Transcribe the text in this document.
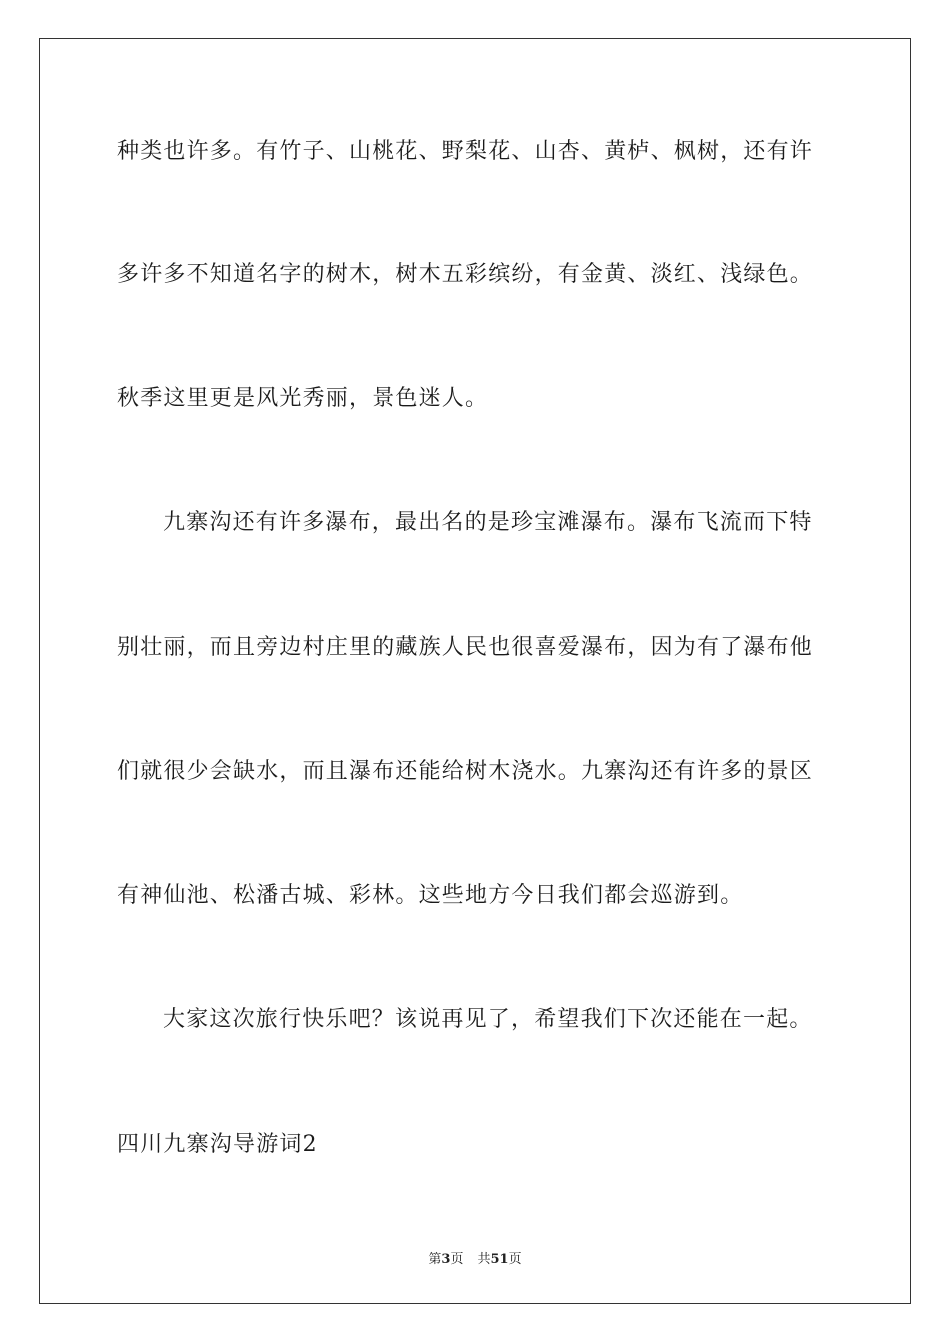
种类也许多。有竹子、山桃花、野梨花、山杏、黄栌、枫树，还有许
多许多不知道名字的树木，树木五彩缤纷，有金黄、淡红、浅绿色。
秋季这里更是风光秀丽，景色迷人。
九寨沟还有许多瀑布，最出名的是珍宝滩瀑布。瀑布飞流而下特
别壮丽，而且旁边村庄里的藏族人民也很喜爱瀑布，因为有了瀑布他
们就很少会缺水，而且瀑布还能给树木浇水。九寨沟还有许多的景区
有神仙池、松潘古城、彩林。这些地方今日我们都会巡游到。
大家这次旅行快乐吧？该说再见了，希望我们下次还能在一起。
四川九寨沟导游词2
第3页 共51页
